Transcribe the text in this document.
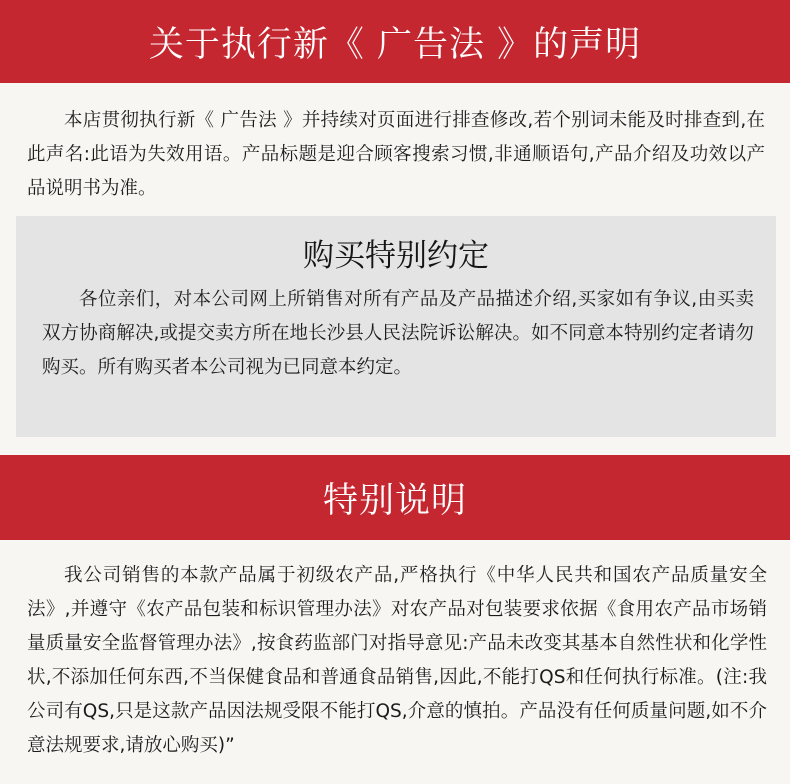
关于执行新《 广告法 》的声明

本店贯彻执行新《 广告法 》并持续对页面进行排查修改,若个别词未能及时排查到,在此声名:此语为失效用语。产品标题是迎合顾客搜索习惯,非通顺语句,产品介绍及功效以产品说明书为准。

购买特别约定

各位亲们，对本公司网上所销售对所有产品及产品描述介绍,买家如有争议,由买卖双方协商解决,或提交卖方所在地长沙县人民法院诉讼解决。如不同意本特别约定者请勿购买。所有购买者本公司视为已同意本约定。

特别说明

我公司销售的本款产品属于初级农产品,严格执行《中华人民共和国农产品质量安全法》,并遵守《农产品包装和标识管理办法》对农产品对包装要求依据《食用农产品市场销量质量安全监督管理办法》,按食药监部门对指导意见:产品未改变其基本自然性状和化学性状,不添加任何东西,不当保健食品和普通食品销售,因此,不能打QS和任何执行标准。(注:我公司有QS,只是这款产品因法规受限不能打QS,介意的慎拍。产品没有任何质量问题,如不介意法规要求,请放心购买)”
